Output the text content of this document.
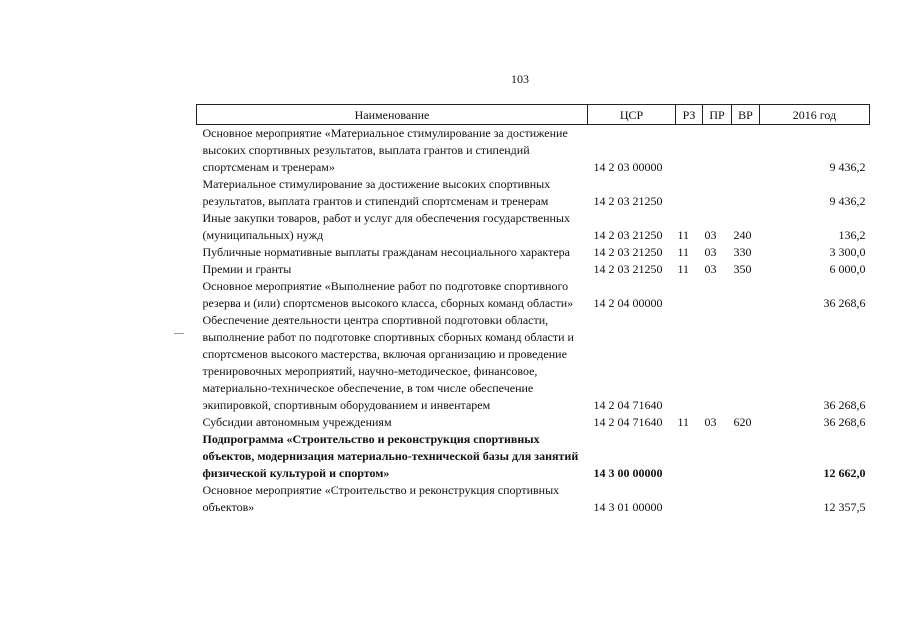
103
Наименование	ЦСР	РЗ	ПР	ВР	2016 год
Основное мероприятие «Материальное стимулирование за достижение высоких спортивных результатов, выплата грантов и стипендий спортсменам и тренерам»	14 2 03 00000				9 436,2
Материальное стимулирование за достижение высоких спортивных результатов, выплата грантов и стипендий спортсменам и тренерам	14 2 03 21250				9 436,2
Иные закупки товаров, работ и услуг для обеспечения государственных (муниципальных) нужд	14 2 03 21250	11	03	240	136,2
Публичные нормативные выплаты гражданам несоциального характера	14 2 03 21250	11	03	330	3 300,0
Премии и гранты	14 2 03 21250	11	03	350	6 000,0
Основное мероприятие «Выполнение работ по подготовке спортивного резерва и (или) спортсменов высокого класса, сборных команд области»	14 2 04 00000				36 268,6
Обеспечение деятельности центра спортивной подготовки области, выполнение работ по подготовке спортивных сборных команд области и спортсменов высокого мастерства, включая организацию и проведение тренировочных мероприятий, научно-методическое, финансовое, материально-техническое обеспечение, в том числе обеспечение экипировкой, спортивным оборудованием и инвентарем	14 2 04 71640				36 268,6
Субсидии автономным учреждениям	14 2 04 71640	11	03	620	36 268,6
Подпрограмма «Строительство и реконструкция спортивных объектов, модернизация материально-технической базы для занятий физической культурой и спортом»	14 3 00 00000				12 662,0
Основное мероприятие «Строительство и реконструкция спортивных объектов»	14 3 01 00000				12 357,5
